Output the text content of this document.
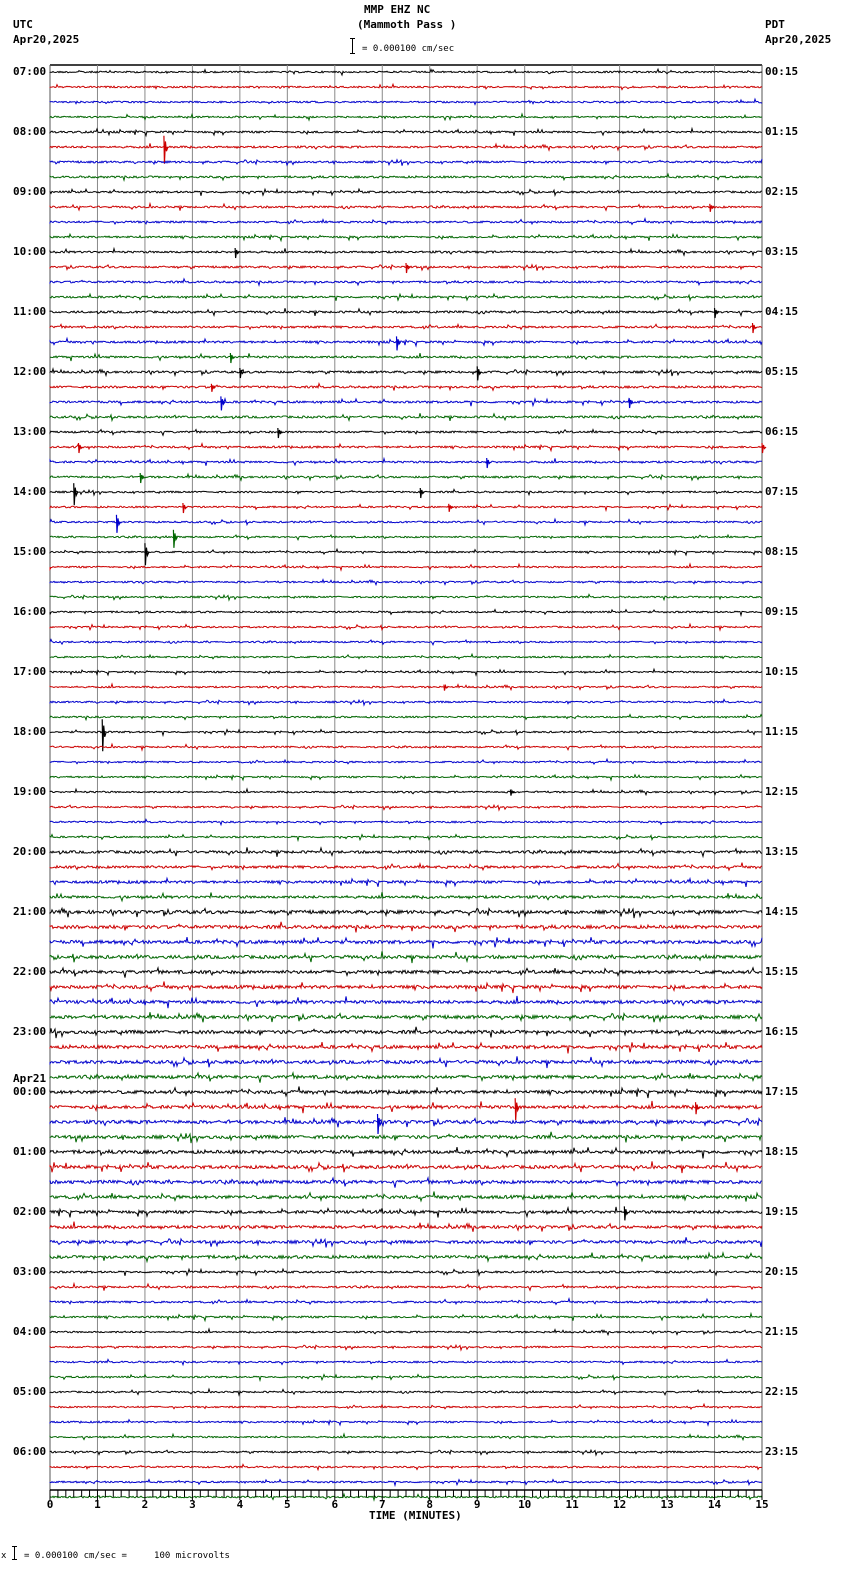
MMP EHZ NC
(Mammoth Pass )
UTC
Apr20,2025
PDT
Apr20,2025
= 0.000100 cm/sec
07:00
08:00
09:00
10:00
11:00
12:00
13:00
14:00
15:00
16:00
17:00
18:00
19:00
20:00
21:00
22:00
23:00
Apr21
00:00
01:00
02:00
03:00
04:00
05:00
06:00
00:15
01:15
02:15
03:15
04:15
05:15
06:15
07:15
08:15
09:15
10:15
11:15
12:15
13:15
14:15
15:15
16:15
17:15
18:15
19:15
20:15
21:15
22:15
23:15
0	1	2	3	4	5	6	7	8	9	10	11	12	13	14	15
TIME (MINUTES)
x = 0.000100 cm/sec =     100 microvolts
